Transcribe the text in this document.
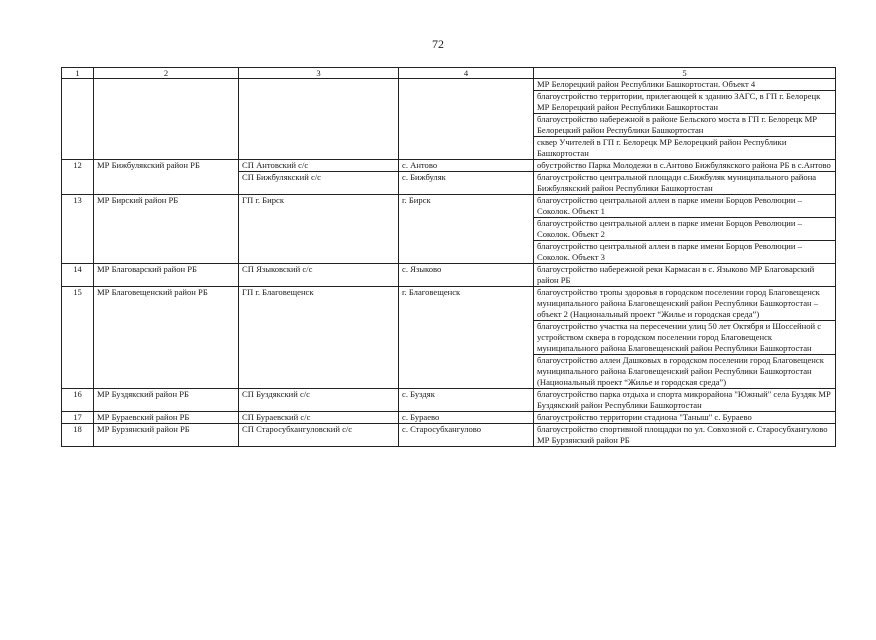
72
1	2	3	4	5
				МР Белорецкий район Республики Башкортостан. Объект 4
				благоустройство территории, прилегающей к зданию ЗАГС, в ГП г. Белорецк МР Белорецкий район Республики Башкортостан
				благоустройство набережной в районе Бельского моста в ГП г. Белорецк МР Белорецкий район Республики Башкортостан
				сквер Учителей в ГП г. Белорецк МР Белорецкий район Республики Башкортостан
12	МР Бижбулякский район РБ	СП Антовский с/с	с. Антово	обустройство Парка Молодежи в с.Антово Бижбулякского района РБ в с.Антово
		СП Бижбулякский с/с	с. Бижбуляк	благоустройство центральной площади с.Бижбуляк муниципального района Бижбулякский район Республики Башкортостан
13	МР Бирский район РБ	ГП г. Бирск	г. Бирск	благоустройство центральной аллеи в парке имени Борцов Революции – Соколок. Объект 1
				благоустройство центральной аллеи в парке имени Борцов Революции – Соколок. Объект 2
				благоустройство центральной аллеи в парке имени Борцов Революции – Соколок. Объект 3
14	МР Благоварский район РБ	СП Языковский с/с	с. Языково	благоустройство набережной реки Кармасан в с. Языково МР Благоварский район РБ
15	МР Благовещенский район РБ	ГП г. Благовещенск	г. Благовещенск	благоустройство тропы здоровья в городском поселении город Благовещенск муниципального района Благовещенский район Республики Башкортостан – объект 2 (Национальный проект “Жилье и городская среда”)
				благоустройство участка на пересечении улиц 50 лет Октября и Шоссейной с устройством сквера в городском поселении город Благовещенск муниципального района Благовещенский район Республики Башкортостан
				благоустройство аллеи Дашковых в городском поселении город Благовещенск муниципального района Благовещенский район Республики Башкортостан (Национальный проект “Жилье и городская среда”)
16	МР Буздякский район РБ	СП Буздякский с/с	с. Буздяк	благоустройство парка отдыха и спорта микрорайона "Южный" села Буздяк МР Буздякский район Республики Башкортостан
17	МР Бураевский район РБ	СП Бураевский с/с	с. Бураево	благоустройство территории стадиона "Таныш" с. Бураево
18	МР Бурзянский район РБ	СП Старосубхангуловский с/с	с. Старосубхангулово	благоустройство спортивной площадки по ул. Совхозной с. Старосубхангулово МР Бурзянский район РБ
